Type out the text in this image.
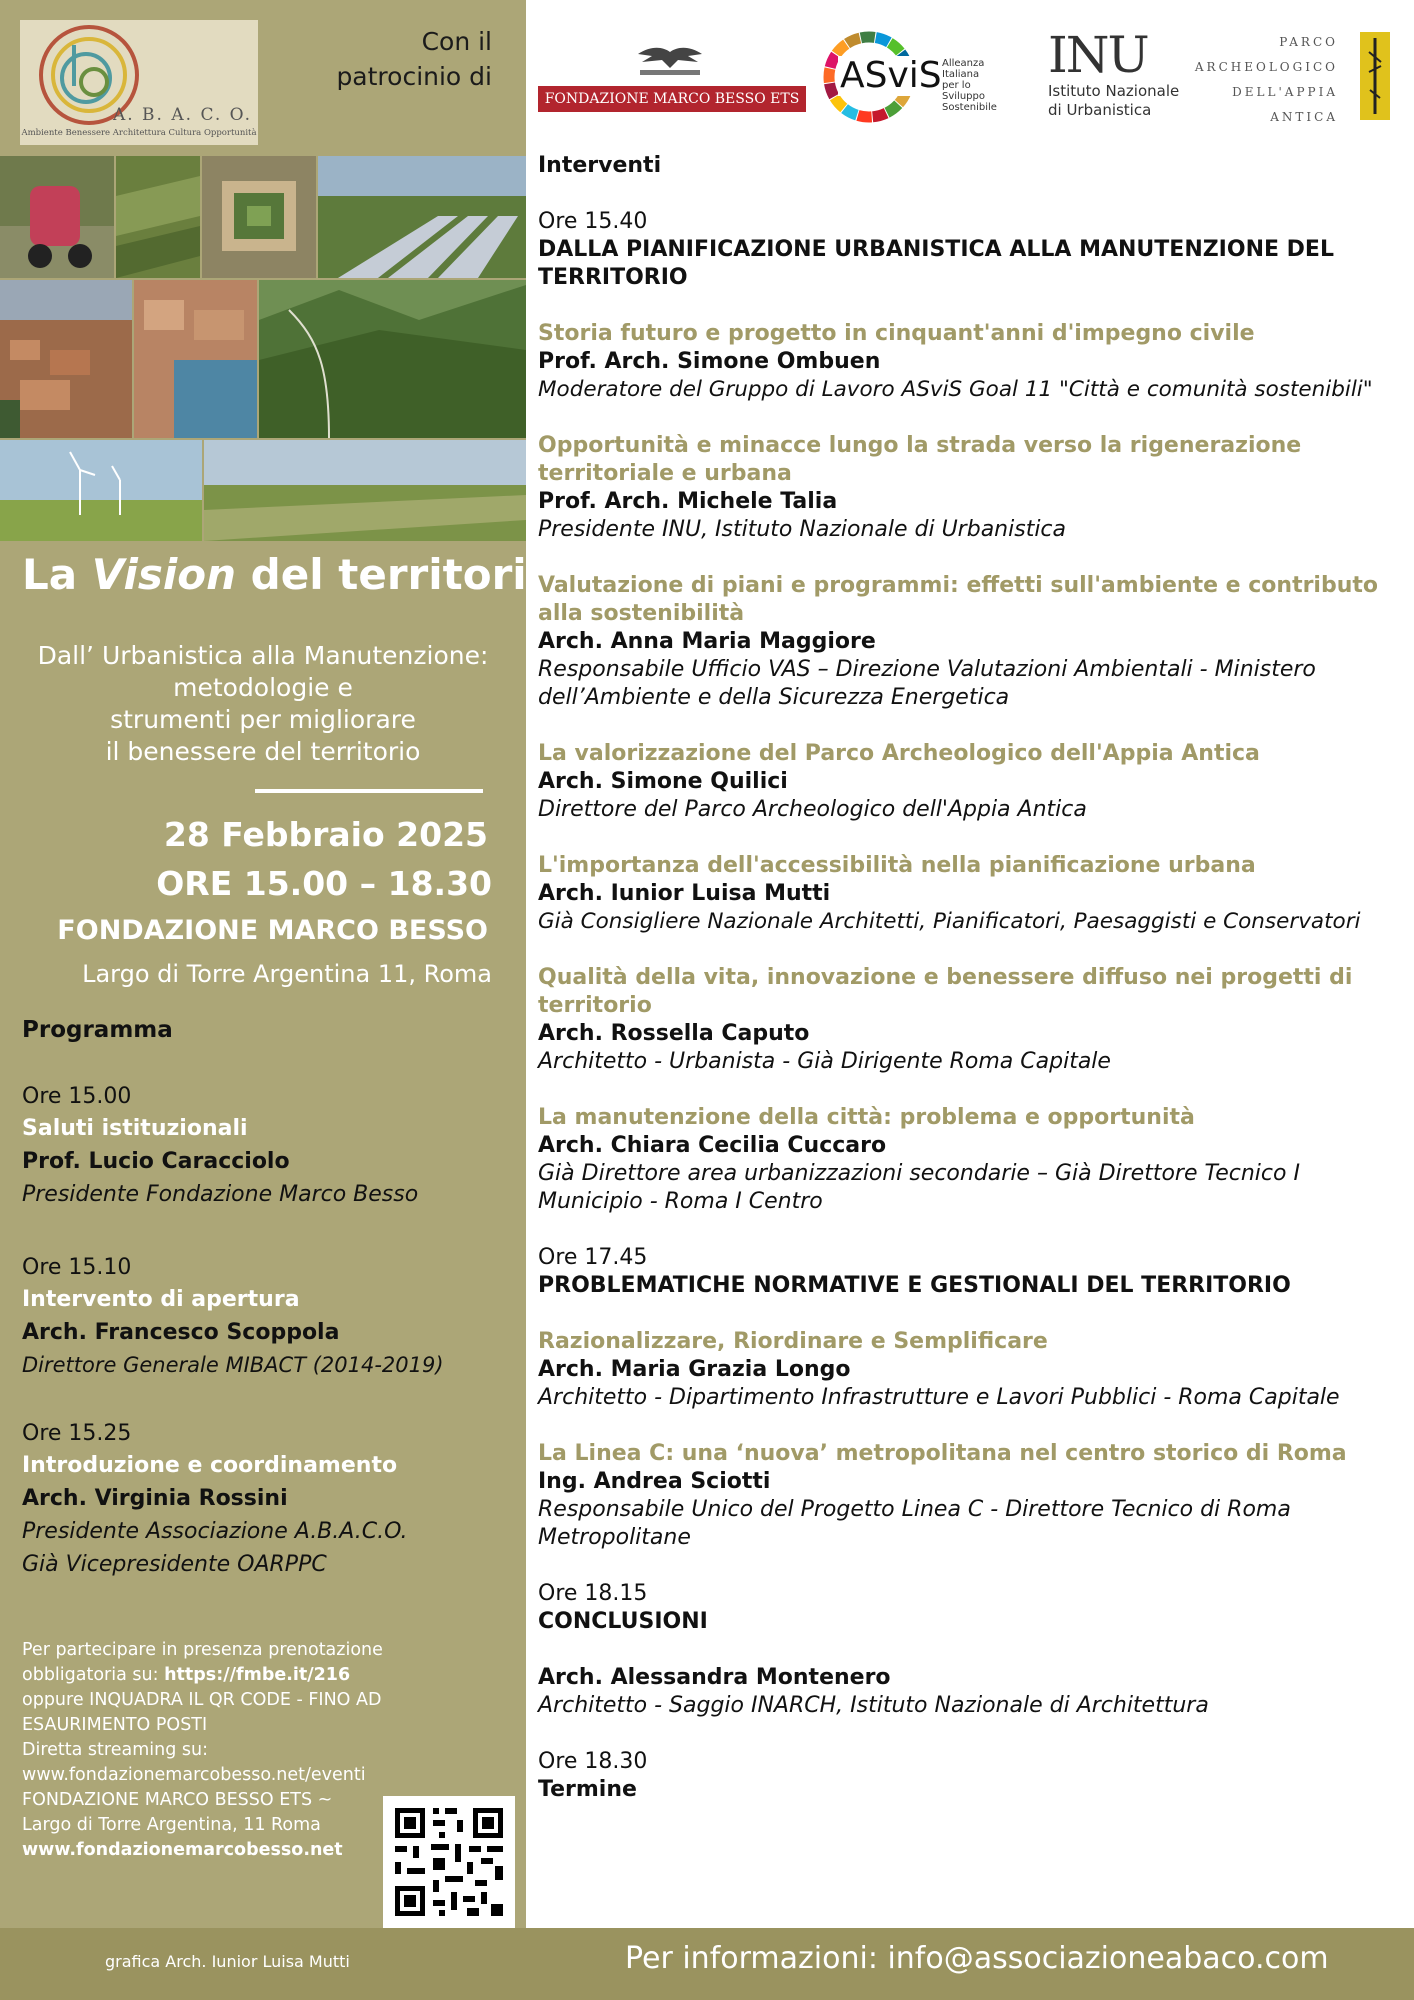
A. B. A. C. O.
Ambiente Benessere Architettura Cultura Opportunità
Con il
patrocinio di
La Vision del territorio
Dall’ Urbanistica alla Manutenzione:
metodologie e
strumenti per migliorare
il benessere del territorio
28 Febbraio 2025
ORE 15.00 – 18.30
FONDAZIONE MARCO BESSO
Largo di Torre Argentina 11, Roma
Programma
Ore 15.00
Saluti istituzionali
Prof. Lucio Caracciolo
Presidente Fondazione Marco Besso
Ore 15.10
Intervento di apertura
Arch. Francesco Scoppola
Direttore Generale MIBACT (2014-2019)
Ore 15.25
Introduzione e coordinamento
Arch. Virginia Rossini
Presidente Associazione A.B.A.C.O.
Già Vicepresidente OARPPC
Per partecipare in presenza prenotazione
obbligatoria su: https://fmbe.it/216
oppure INQUADRA IL QR CODE - FINO AD
ESAURIMENTO POSTI
Diretta streaming su:
www.fondazionemarcobesso.net/eventi
FONDAZIONE MARCO BESSO ETS ~
Largo di Torre Argentina, 11 Roma
www.fondazionemarcobesso.net
FONDAZIONE MARCO BESSO ETS
ASviS Alleanza Italiana
per lo Sviluppo
Sostenibile
INU
Istituto Nazionale
di Urbanistica
PARCO
ARCHEOLOGICO
DELL'APPIA
ANTICA
Interventi
Ore 15.40
DALLA PIANIFICAZIONE URBANISTICA ALLA MANUTENZIONE DEL TERRITORIO
Storia futuro e progetto in cinquant'anni d'impegno civile
Prof. Arch. Simone Ombuen
Moderatore del Gruppo di Lavoro ASviS Goal 11 "Città e comunità sostenibili"
Opportunità e minacce lungo la strada verso la rigenerazione territoriale e urbana
Prof. Arch. Michele Talia
Presidente INU, Istituto Nazionale di Urbanistica
Valutazione di piani e programmi: effetti sull'ambiente e contributo alla sostenibilità
Arch. Anna Maria Maggiore
Responsabile Ufficio VAS – Direzione Valutazioni Ambientali - Ministero dell’Ambiente e della Sicurezza Energetica
La valorizzazione del Parco Archeologico dell'Appia Antica
Arch. Simone Quilici
Direttore del Parco Archeologico dell'Appia Antica
L'importanza dell'accessibilità nella pianificazione urbana
Arch. Iunior Luisa Mutti
Già Consigliere Nazionale Architetti, Pianificatori, Paesaggisti e Conservatori
Qualità della vita, innovazione e benessere diffuso nei progetti di territorio
Arch. Rossella Caputo
Architetto - Urbanista - Già Dirigente Roma Capitale
La manutenzione della città: problema e opportunità
Arch. Chiara Cecilia Cuccaro
Già Direttore area urbanizzazioni secondarie – Già Direttore Tecnico I Municipio - Roma I Centro
Ore 17.45
PROBLEMATICHE NORMATIVE E GESTIONALI DEL TERRITORIO
Razionalizzare, Riordinare e Semplificare
Arch. Maria Grazia Longo
Architetto - Dipartimento Infrastrutture e Lavori Pubblici - Roma Capitale
La Linea C: una ‘nuova’ metropolitana nel centro storico di Roma
Ing. Andrea Sciotti
Responsabile Unico del Progetto Linea C - Direttore Tecnico di Roma Metropolitane
Ore 18.15
CONCLUSIONI
Arch. Alessandra Montenero
Architetto - Saggio INARCH, Istituto Nazionale di Architettura
Ore 18.30
Termine
grafica Arch. Iunior Luisa Mutti	Per informazioni: info@associazioneabaco.com
